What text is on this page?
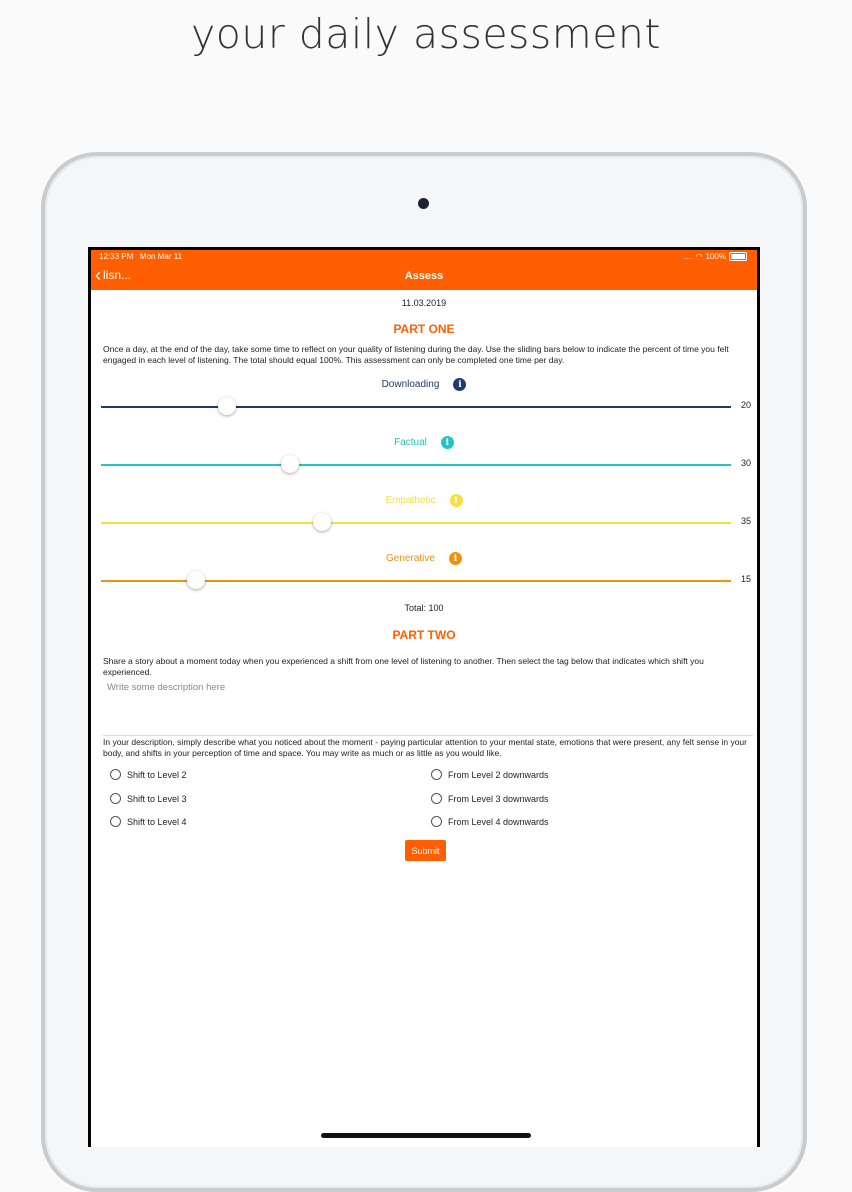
your daily assessment
12:33 PM Mon Mar 11	.... ◠ 100%
‹ lisn...	Assess
11.03.2019
PART ONE
Once a day, at the end of the day, take some time to reflect on your quality of listening during the day. Use the sliding bars below to indicate the percent of time you felt engaged in each level of listening. The total should equal 100%. This assessment can only be completed one time per day.
Downloading	i
20
Factual	i
30
Empathetic	i
35
Generative	i
15
Total: 100
PART TWO
Share a story about a moment today when you experienced a shift from one level of listening to another. Then select the tag below that indicates which shift you experienced.
Write some description here
In your description, simply describe what you noticed about the moment - paying particular attention to your mental state, emotions that were present, any felt sense in your body, and shifts in your perception of time and space. You may write as much or as little as you would like.
Shift to Level 2
Shift to Level 3
Shift to Level 4
From Level 2 downwards
From Level 3 downwards
From Level 4 downwards
Submit
